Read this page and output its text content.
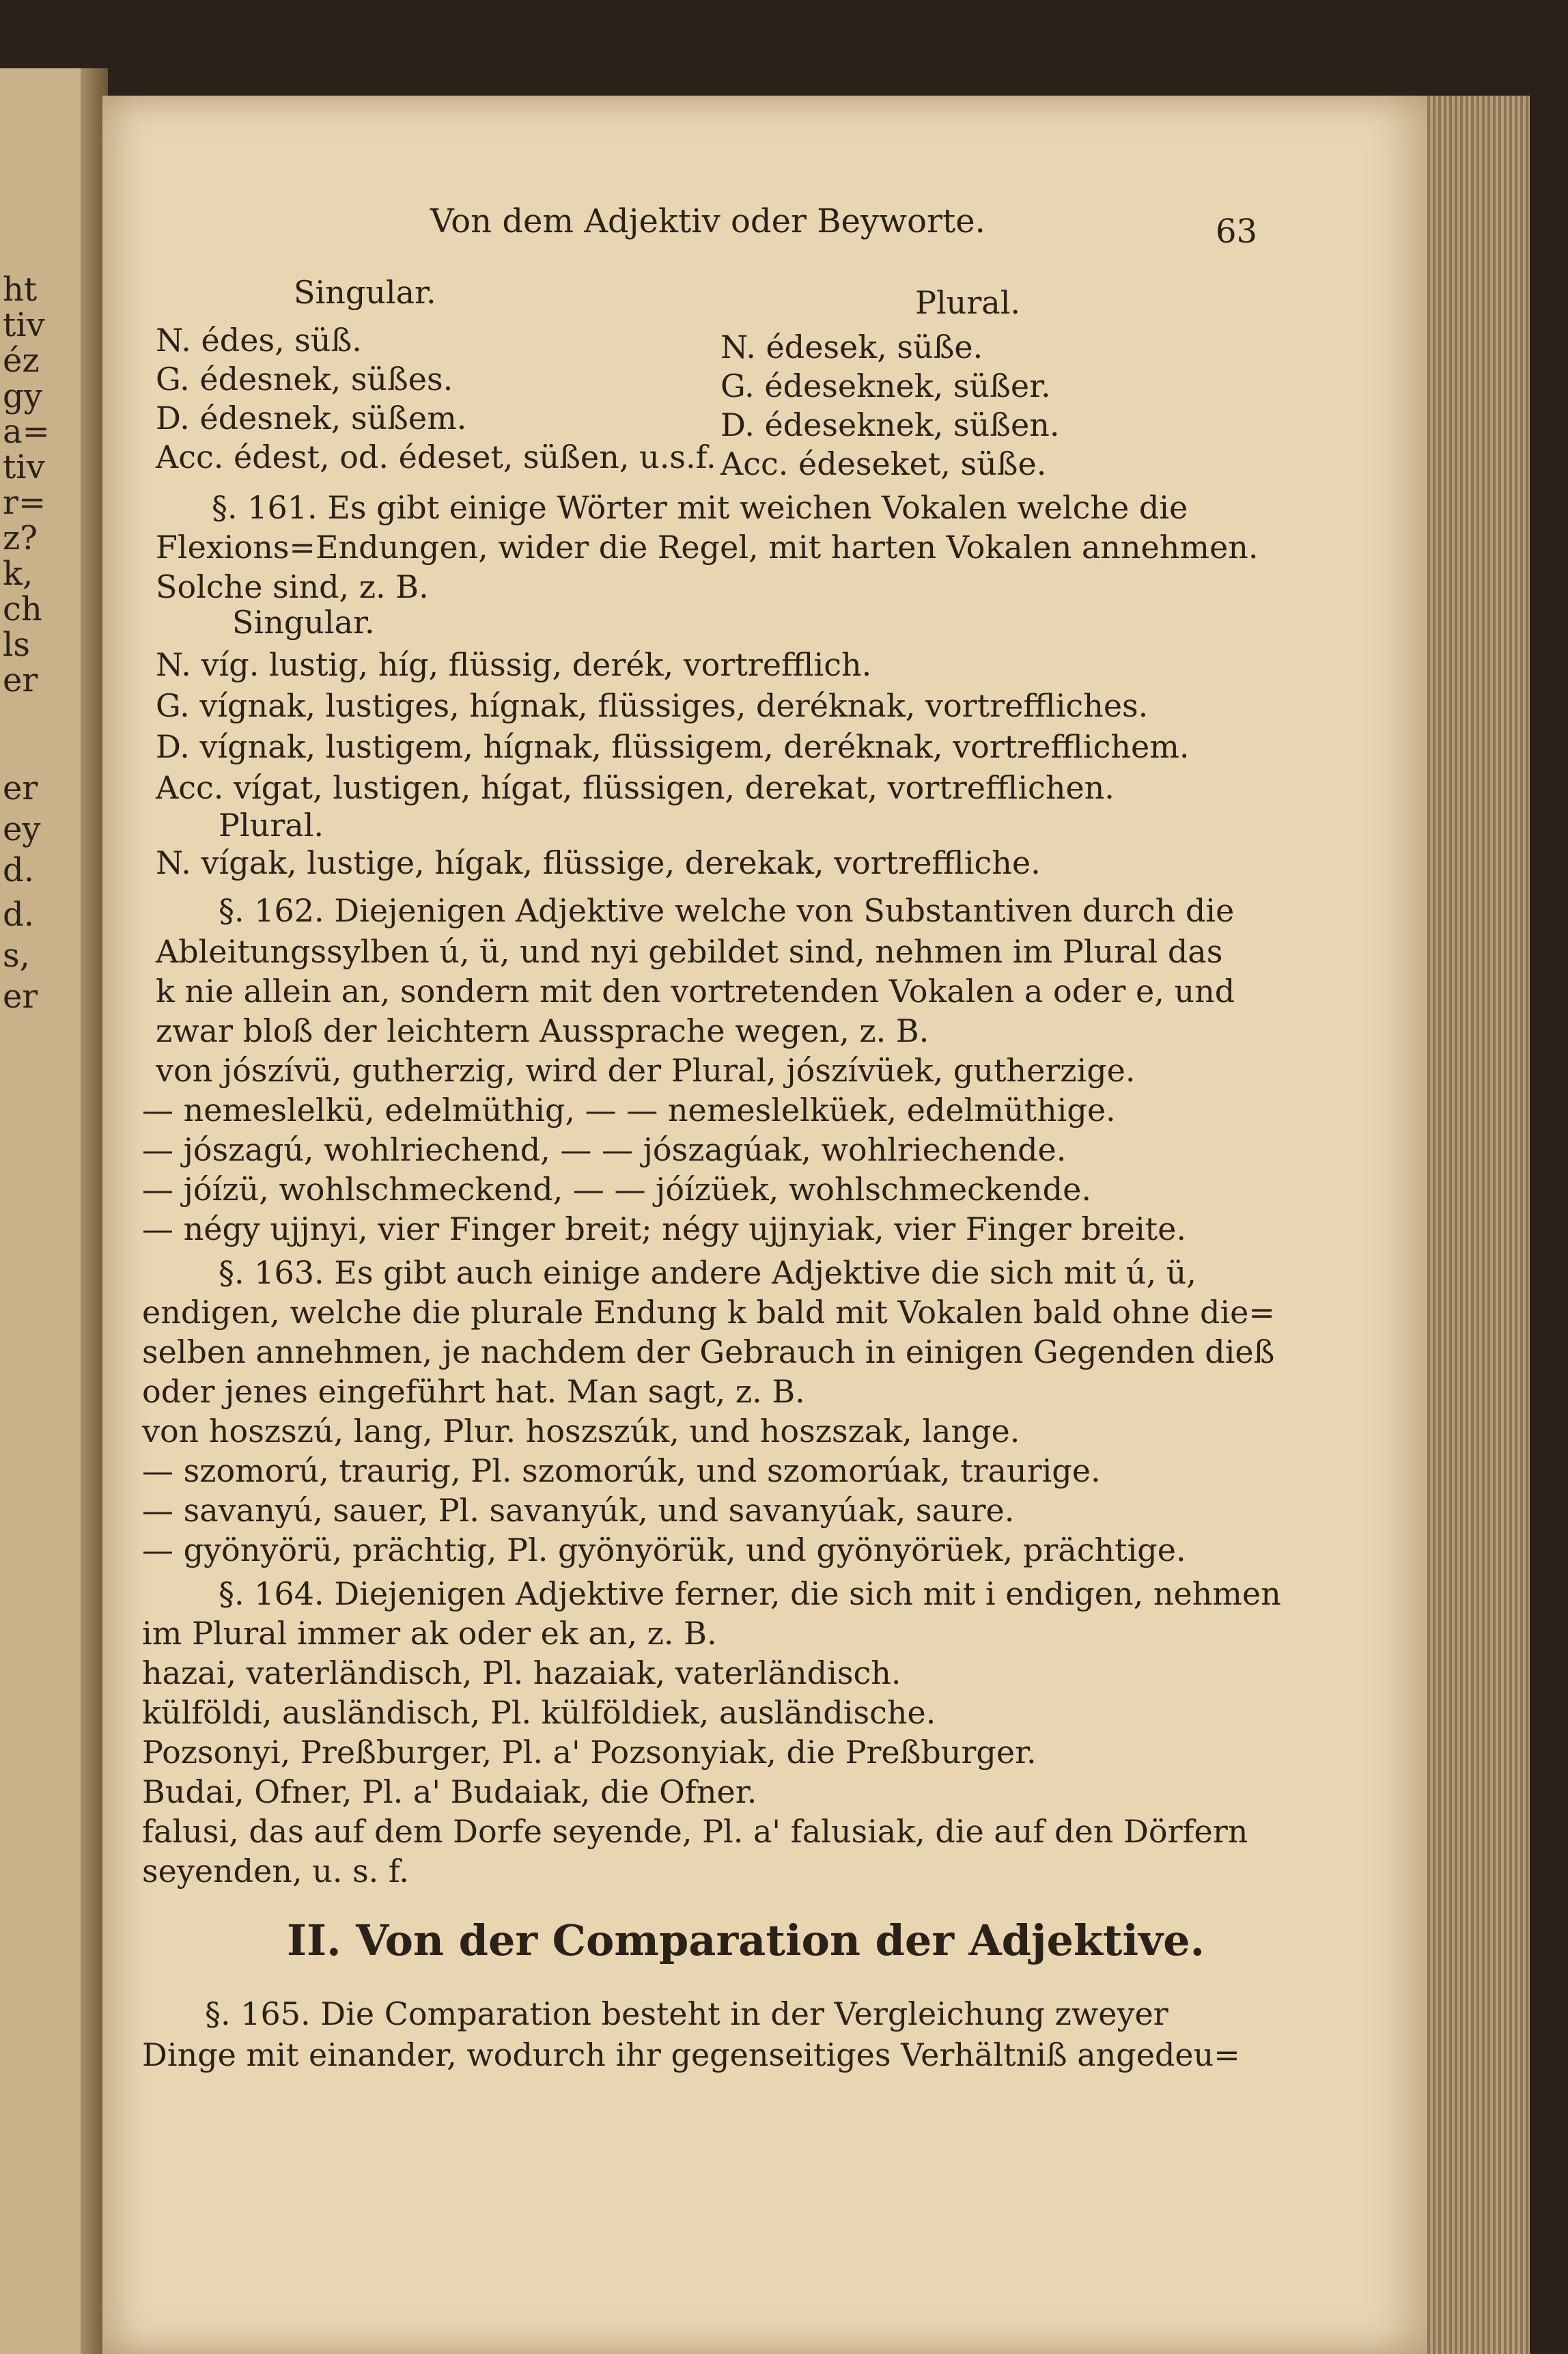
ht
tiv
éz
gy
a=
tiv
r=
z?
k,
ch
ls
er
er
ey
d.
d.
s,
er
Von dem Adjektiv oder Beyworte.	63
Singular.	Plural.
N. édes, süß.
G. édesnek, süßes.
D. édesnek, süßem.
Acc. édest, od. édeset, süßen, u.s.f.
N. édesek, süße.
G. édeseknek, süßer.
D. édeseknek, süßen.
Acc. édeseket, süße.
§. 161. Es gibt einige Wörter mit weichen Vokalen welche die
Flexions=Endungen, wider die Regel, mit harten Vokalen annehmen.
Solche sind, z. B.
Singular.
N. víg. lustig, híg, flüssig, derék, vortrefflich.
G. vígnak, lustiges, hígnak, flüssiges, deréknak, vortreffliches.
D. vígnak, lustigem, hígnak, flüssigem, deréknak, vortrefflichem.
Acc. vígat, lustigen, hígat, flüssigen, derekat, vortrefflichen.
Plural.
N. vígak, lustige, hígak, flüssige, derekak, vortreffliche.
§. 162. Diejenigen Adjektive welche von Substantiven durch die
Ableitungssylben ú, ü, und nyi gebildet sind, nehmen im Plural das
k nie allein an, sondern mit den vortretenden Vokalen a oder e, und
zwar bloß der leichtern Aussprache wegen, z. B.
von jószívü, gutherzig, wird der Plural, jószívüek, gutherzige.
— nemeslelkü, edelmüthig, — — nemeslelküek, edelmüthige.
— jószagú, wohlriechend, — — jószagúak, wohlriechende.
— jóízü, wohlschmeckend, — — jóízüek, wohlschmeckende.
— négy ujjnyi, vier Finger breit; négy ujjnyiak, vier Finger breite.
§. 163. Es gibt auch einige andere Adjektive die sich mit ú, ü,
endigen, welche die plurale Endung k bald mit Vokalen bald ohne die=
selben annehmen, je nachdem der Gebrauch in einigen Gegenden dieß
oder jenes eingeführt hat. Man sagt, z. B.
von hoszszú, lang, Plur. hoszszúk, und hoszszak, lange.
— szomorú, traurig, Pl. szomorúk, und szomorúak, traurige.
— savanyú, sauer, Pl. savanyúk, und savanyúak, saure.
— gyönyörü, prächtig, Pl. gyönyörük, und gyönyörüek, prächtige.
§. 164. Diejenigen Adjektive ferner, die sich mit i endigen, nehmen
im Plural immer ak oder ek an, z. B.
hazai, vaterländisch, Pl. hazaiak, vaterländisch.
külföldi, ausländisch, Pl. külföldiek, ausländische.
Pozsonyi, Preßburger, Pl. a' Pozsonyiak, die Preßburger.
Budai, Ofner, Pl. a' Budaiak, die Ofner.
falusi, das auf dem Dorfe seyende, Pl. a' falusiak, die auf den Dörfern
seyenden, u. s. f.
II. Von der Comparation der Adjektive.
§. 165. Die Comparation besteht in der Vergleichung zweyer
Dinge mit einander, wodurch ihr gegenseitiges Verhältniß angedeu=
